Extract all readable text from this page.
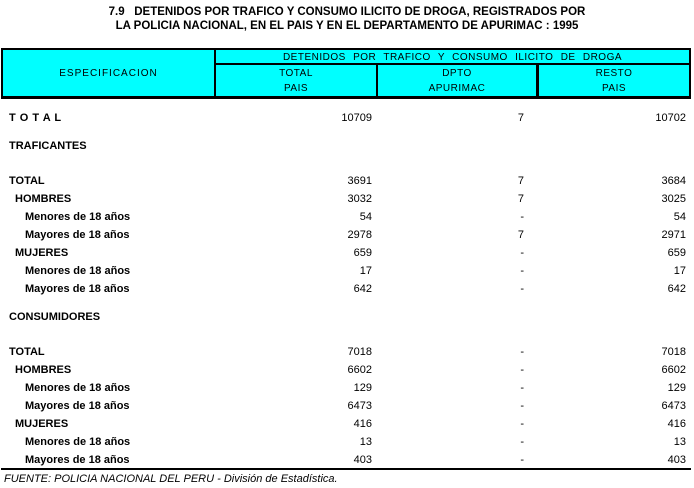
7.9   DETENIDOS POR TRAFICO Y CONSUMO ILICITO DE DROGA, REGISTRADOS POR
LA POLICIA NACIONAL, EN EL PAIS Y EN EL DEPARTAMENTO DE APURIMAC : 1995
ESPECIFICACION
DETENIDOS POR TRAFICO Y CONSUMO ILICITO DE DROGA
TOTAL
PAIS
DPTO
APURIMAC
RESTO
PAIS
T O T A L	10709	7	10702
TRAFICANTES
TOTAL	3691	7	3684
HOMBRES	3032	7	3025
Menores de 18 años	54	-	54
Mayores de 18 años	2978	7	2971
MUJERES	659	-	659
Menores de 18 años	17	-	17
Mayores de 18 años	642	-	642
CONSUMIDORES
TOTAL	7018	-	7018
HOMBRES	6602	-	6602
Menores de 18 años	129	-	129
Mayores de 18 años	6473	-	6473
MUJERES	416	-	416
Menores de 18 años	13	-	13
Mayores de 18 años	403	-	403
FUENTE: POLICIA NACIONAL DEL PERU - División de Estadística.
